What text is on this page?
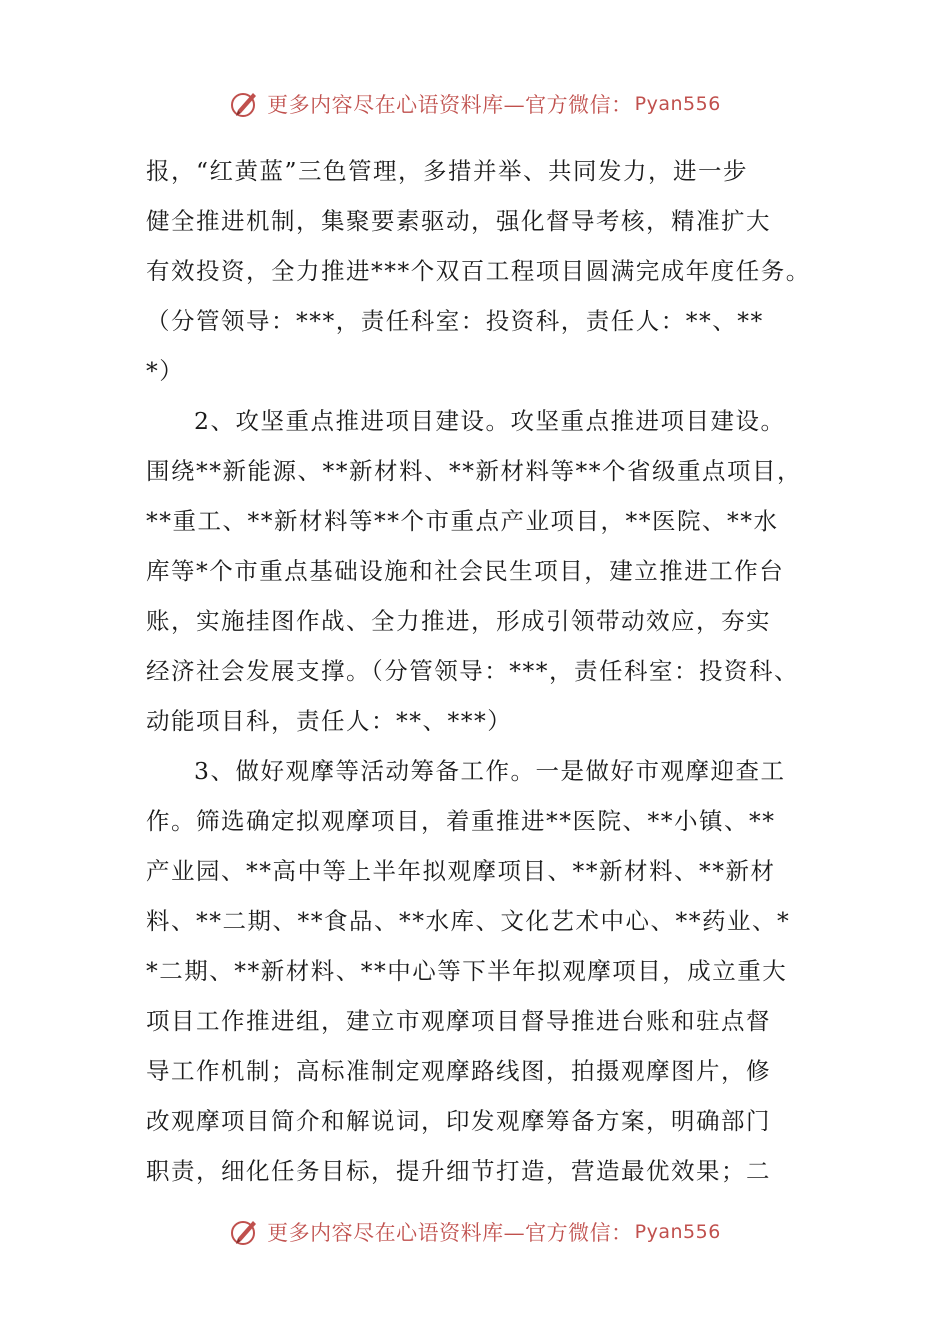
更多内容尽在心语资料库—官方微信： Pyan556
报，“红黄蓝”三色管理，多措并举、共同发力，进一步
健全推进机制，集聚要素驱动，强化督导考核，精准扩大
有效投资，全力推进***个双百工程项目圆满完成年度任务。
（分管领导：***，责任科室：投资科，责任人：**、**
*）
2、攻坚重点推进项目建设。攻坚重点推进项目建设。
围绕**新能源、**新材料、**新材料等**个省级重点项目，
**重工、**新材料等**个市重点产业项目，**医院、**水
库等*个市重点基础设施和社会民生项目，建立推进工作台
账，实施挂图作战、全力推进，形成引领带动效应，夯实
经济社会发展支撑。（分管领导：***，责任科室：投资科、
动能项目科，责任人：**、***）
3、做好观摩等活动筹备工作。一是做好市观摩迎查工
作。筛选确定拟观摩项目，着重推进**医院、**小镇、**
产业园、**高中等上半年拟观摩项目、**新材料、**新材
料、**二期、**食品、**水库、文化艺术中心、**药业、*
*二期、**新材料、**中心等下半年拟观摩项目，成立重大
项目工作推进组，建立市观摩项目督导推进台账和驻点督
导工作机制；高标准制定观摩路线图，拍摄观摩图片，修
改观摩项目简介和解说词，印发观摩筹备方案，明确部门
职责，细化任务目标，提升细节打造，营造最优效果；二
更多内容尽在心语资料库—官方微信： Pyan556
